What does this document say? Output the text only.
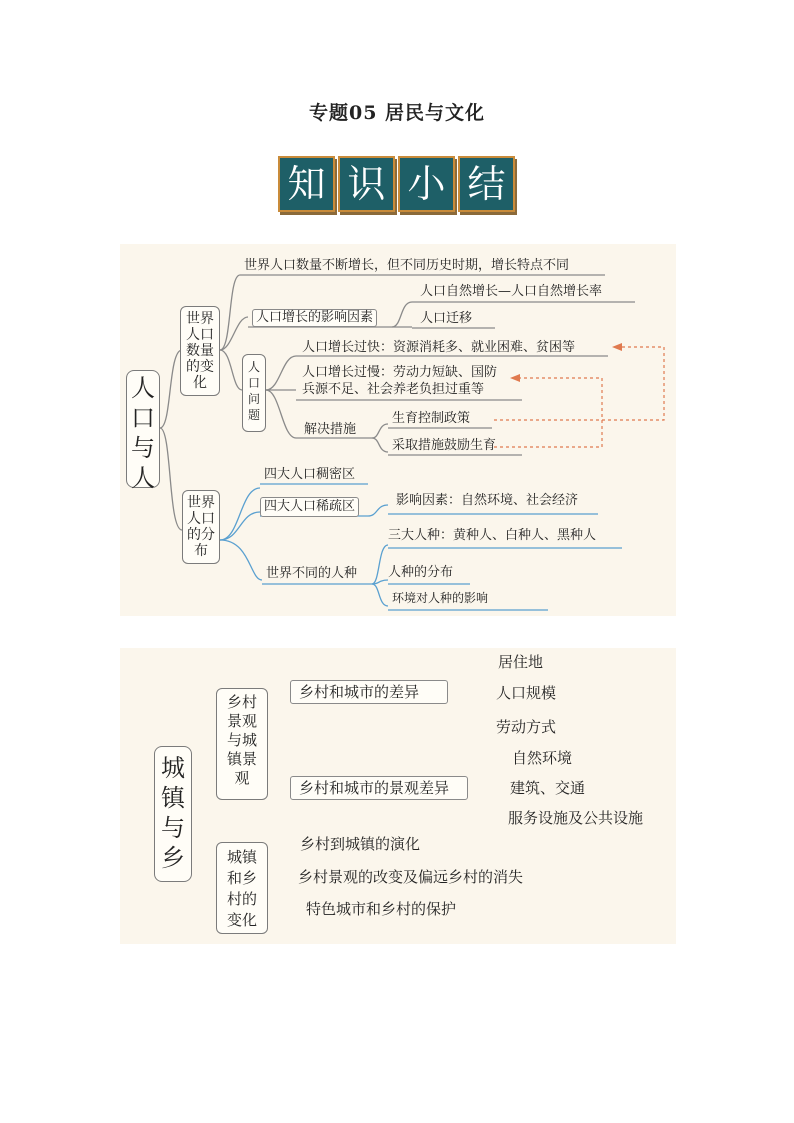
专题05 居民与文化
知 识 小 结
人
口
与
人
世界
人口
数量
的变
化
世界人口数量不断增长，但不同历史时期，增长特点不同
人口增长的影响因素
人口自然增长—人口自然增长率
人口迁移
人
口
问
题
人口增长过快：资源消耗多、就业困难、贫困等
人口增长过慢：劳动力短缺、国防
兵源不足、社会养老负担过重等
解决措施
生育控制政策
采取措施鼓励生育
世界
人口
的分
布
四大人口稠密区
四大人口稀疏区	影响因素：自然环境、社会经济
世界不同的人种
三大人种：黄种人、白种人、黑种人
人种的分布
环境对人种的影响
城
镇
与
乡
乡村
景观
与城
镇景
观
乡村和城市的差异
居住地
人口规模
劳动方式
乡村和城市的景观差异
自然环境
建筑、交通
服务设施及公共设施
城镇
和乡
村的
变化
乡村到城镇的演化
乡村景观的改变及偏远乡村的消失
特色城市和乡村的保护
